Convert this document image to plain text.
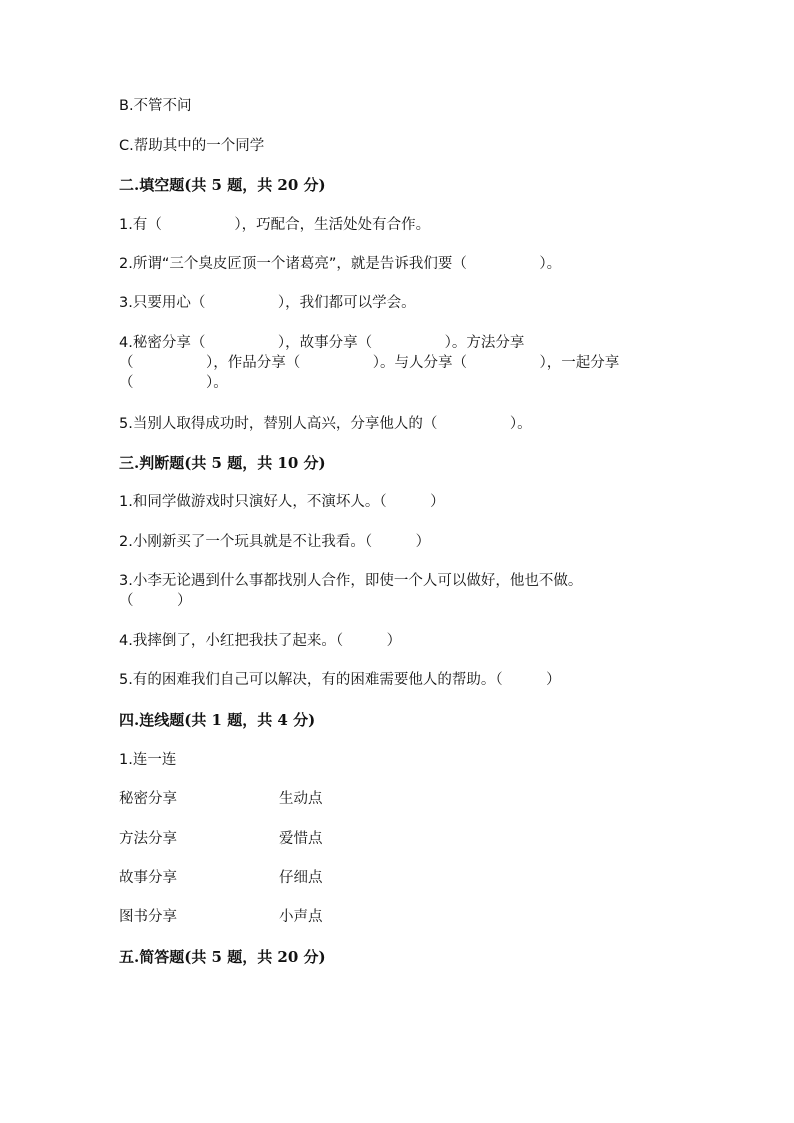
B.不管不问

C.帮助其中的一个同学

二.填空题(共 5 题，共 20 分)

1.有（　　　　　），巧配合，生活处处有合作。

2.所谓“三个臭皮匠顶一个诸葛亮”，就是告诉我们要（　　　　　）。

3.只要用心（　　　　　），我们都可以学会。

4.秘密分享（　　　　　），故事分享（　　　　　）。方法分享

（　　　　　），作品分享（　　　　　）。与人分享（　　　　　），一起分享

（　　　　　）。

5.当别人取得成功时，替别人高兴，分享他人的（　　　　　）。

三.判断题(共 5 题，共 10 分)

1.和同学做游戏时只演好人，不演坏人。（　　　）

2.小刚新买了一个玩具就是不让我看。（　　　）

3.小李无论遇到什么事都找别人合作，即使一个人可以做好，他也不做。

（　　　）

4.我摔倒了，小红把我扶了起来。（　　　）

5.有的困难我们自己可以解决，有的困难需要他人的帮助。（　　　）

四.连线题(共 1 题，共 4 分)

1.连一连

秘密分享	生动点
方法分享	爱惜点
故事分享	仔细点
图书分享	小声点

五.简答题(共 5 题，共 20 分)
